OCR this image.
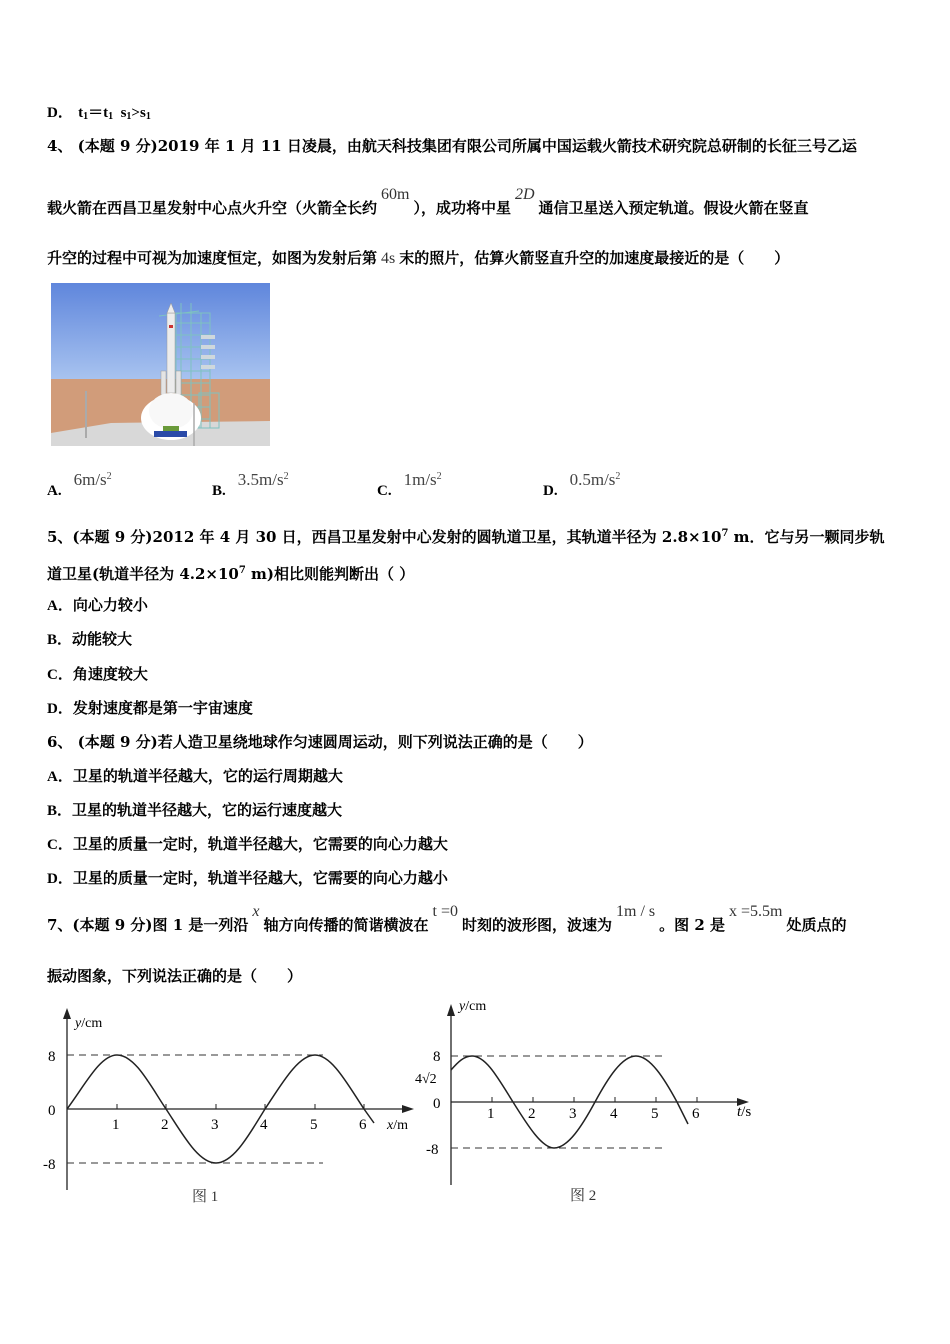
D． $t_1=t_1$  $s_1>s_1$
4、 (本题 9 分)2019 年 1 月 11 日凌晨，由航天科技集团有限公司所属中国运载火箭技术研究院总研制的长征三号乙运
载火箭在西昌卫星发射中心点火升空（火箭全长约60m），成功将中星2D通信卫星送入预定轨道。假设火箭在竖直
升空的过程中可视为加速度恒定，如图为发射后第 4s 末的照片，估算火箭竖直升空的加速度最接近的是（　　）
$A.6m/s^2$
$B.3.5m/s^2$
$C.1m/s^2$
$D.0.5m/s^2$
5、(本题 9 分)2012 年 4 月 30 日，西昌卫星发射中心发射的圆轨道卫星，其轨道半径为 $2.8\times 10^7$ m．它与另一颗同步轨
道卫星(轨道半径为 $4.2\times 10^7$ m)相比则能判断出（ ）
A．向心力较小
B．动能较大
C．角速度较大
D．发射速度都是第一宇宙速度
6、 (本题 9 分)若人造卫星绕地球作匀速圆周运动，则下列说法正确的是（　　）
A．卫星的轨道半径越大，它的运行周期越大
B．卫星的轨道半径越大，它的运行速度越大
C．卫星的质量一定时，轨道半径越大，它需要的向心力越大
D．卫星的质量一定时，轨道半径越大，它需要的向心力越小
7、(本题 9 分)图 1 是一列沿x轴方向传播的简谐横波在t =0时刻的波形图，波速为1m / s。图 2 是x =5.5m处质点的
振动图象，下列说法正确的是（　　）
y/cm
x/m
8
0
-8
1	2	3	4	5	6
图 1
y/cm
t/s
8
4√2
0
-8
1 2 3 4 5 6
图 2
